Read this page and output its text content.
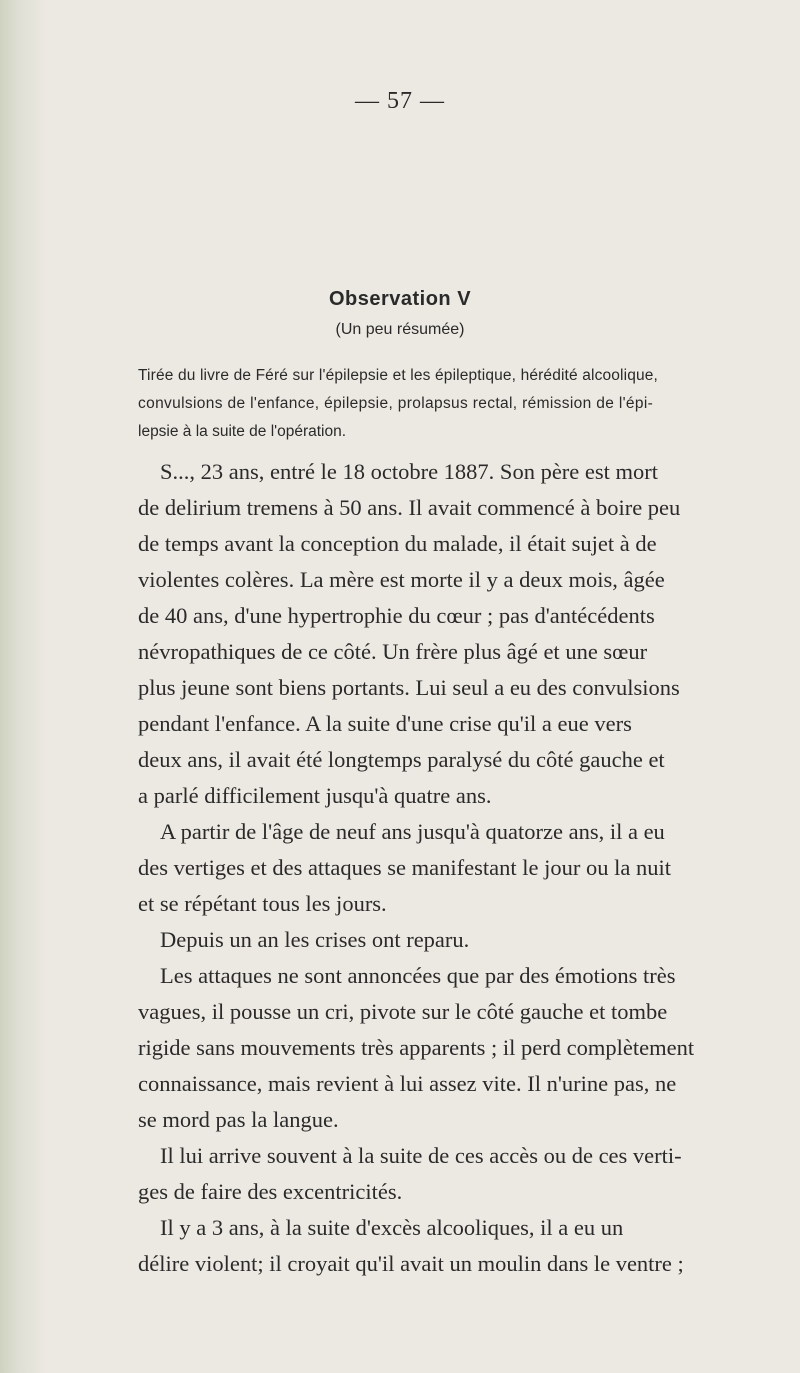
— 57 —
Observation V
(Un peu résumée)
Tirée du livre de Féré sur l'épilepsie et les épileptique, hérédité alcoolique,
convulsions de l'enfance, épilepsie, prolapsus rectal, rémission de l'épi-
lepsie à la suite de l'opération.
S..., 23 ans, entré le 18 octobre 1887. Son père est mort
de delirium tremens à 50 ans. Il avait commencé à boire peu
de temps avant la conception du malade, il était sujet à de
violentes colères. La mère est morte il y a deux mois, âgée
de 40 ans, d'une hypertrophie du cœur ; pas d'antécédents
névropathiques de ce côté. Un frère plus âgé et une sœur
plus jeune sont biens portants. Lui seul a eu des convulsions
pendant l'enfance. A la suite d'une crise qu'il a eue vers
deux ans, il avait été longtemps paralysé du côté gauche et
a parlé difficilement jusqu'à quatre ans.
A partir de l'âge de neuf ans jusqu'à quatorze ans, il a eu
des vertiges et des attaques se manifestant le jour ou la nuit
et se répétant tous les jours.
Depuis un an les crises ont reparu.
Les attaques ne sont annoncées que par des émotions très
vagues, il pousse un cri, pivote sur le côté gauche et tombe
rigide sans mouvements très apparents ; il perd complètement
connaissance, mais revient à lui assez vite. Il n'urine pas, ne
se mord pas la langue.
Il lui arrive souvent à la suite de ces accès ou de ces verti-
ges de faire des excentricités.
Il y a 3 ans, à la suite d'excès alcooliques, il a eu un
délire violent; il croyait qu'il avait un moulin dans le ventre ;
